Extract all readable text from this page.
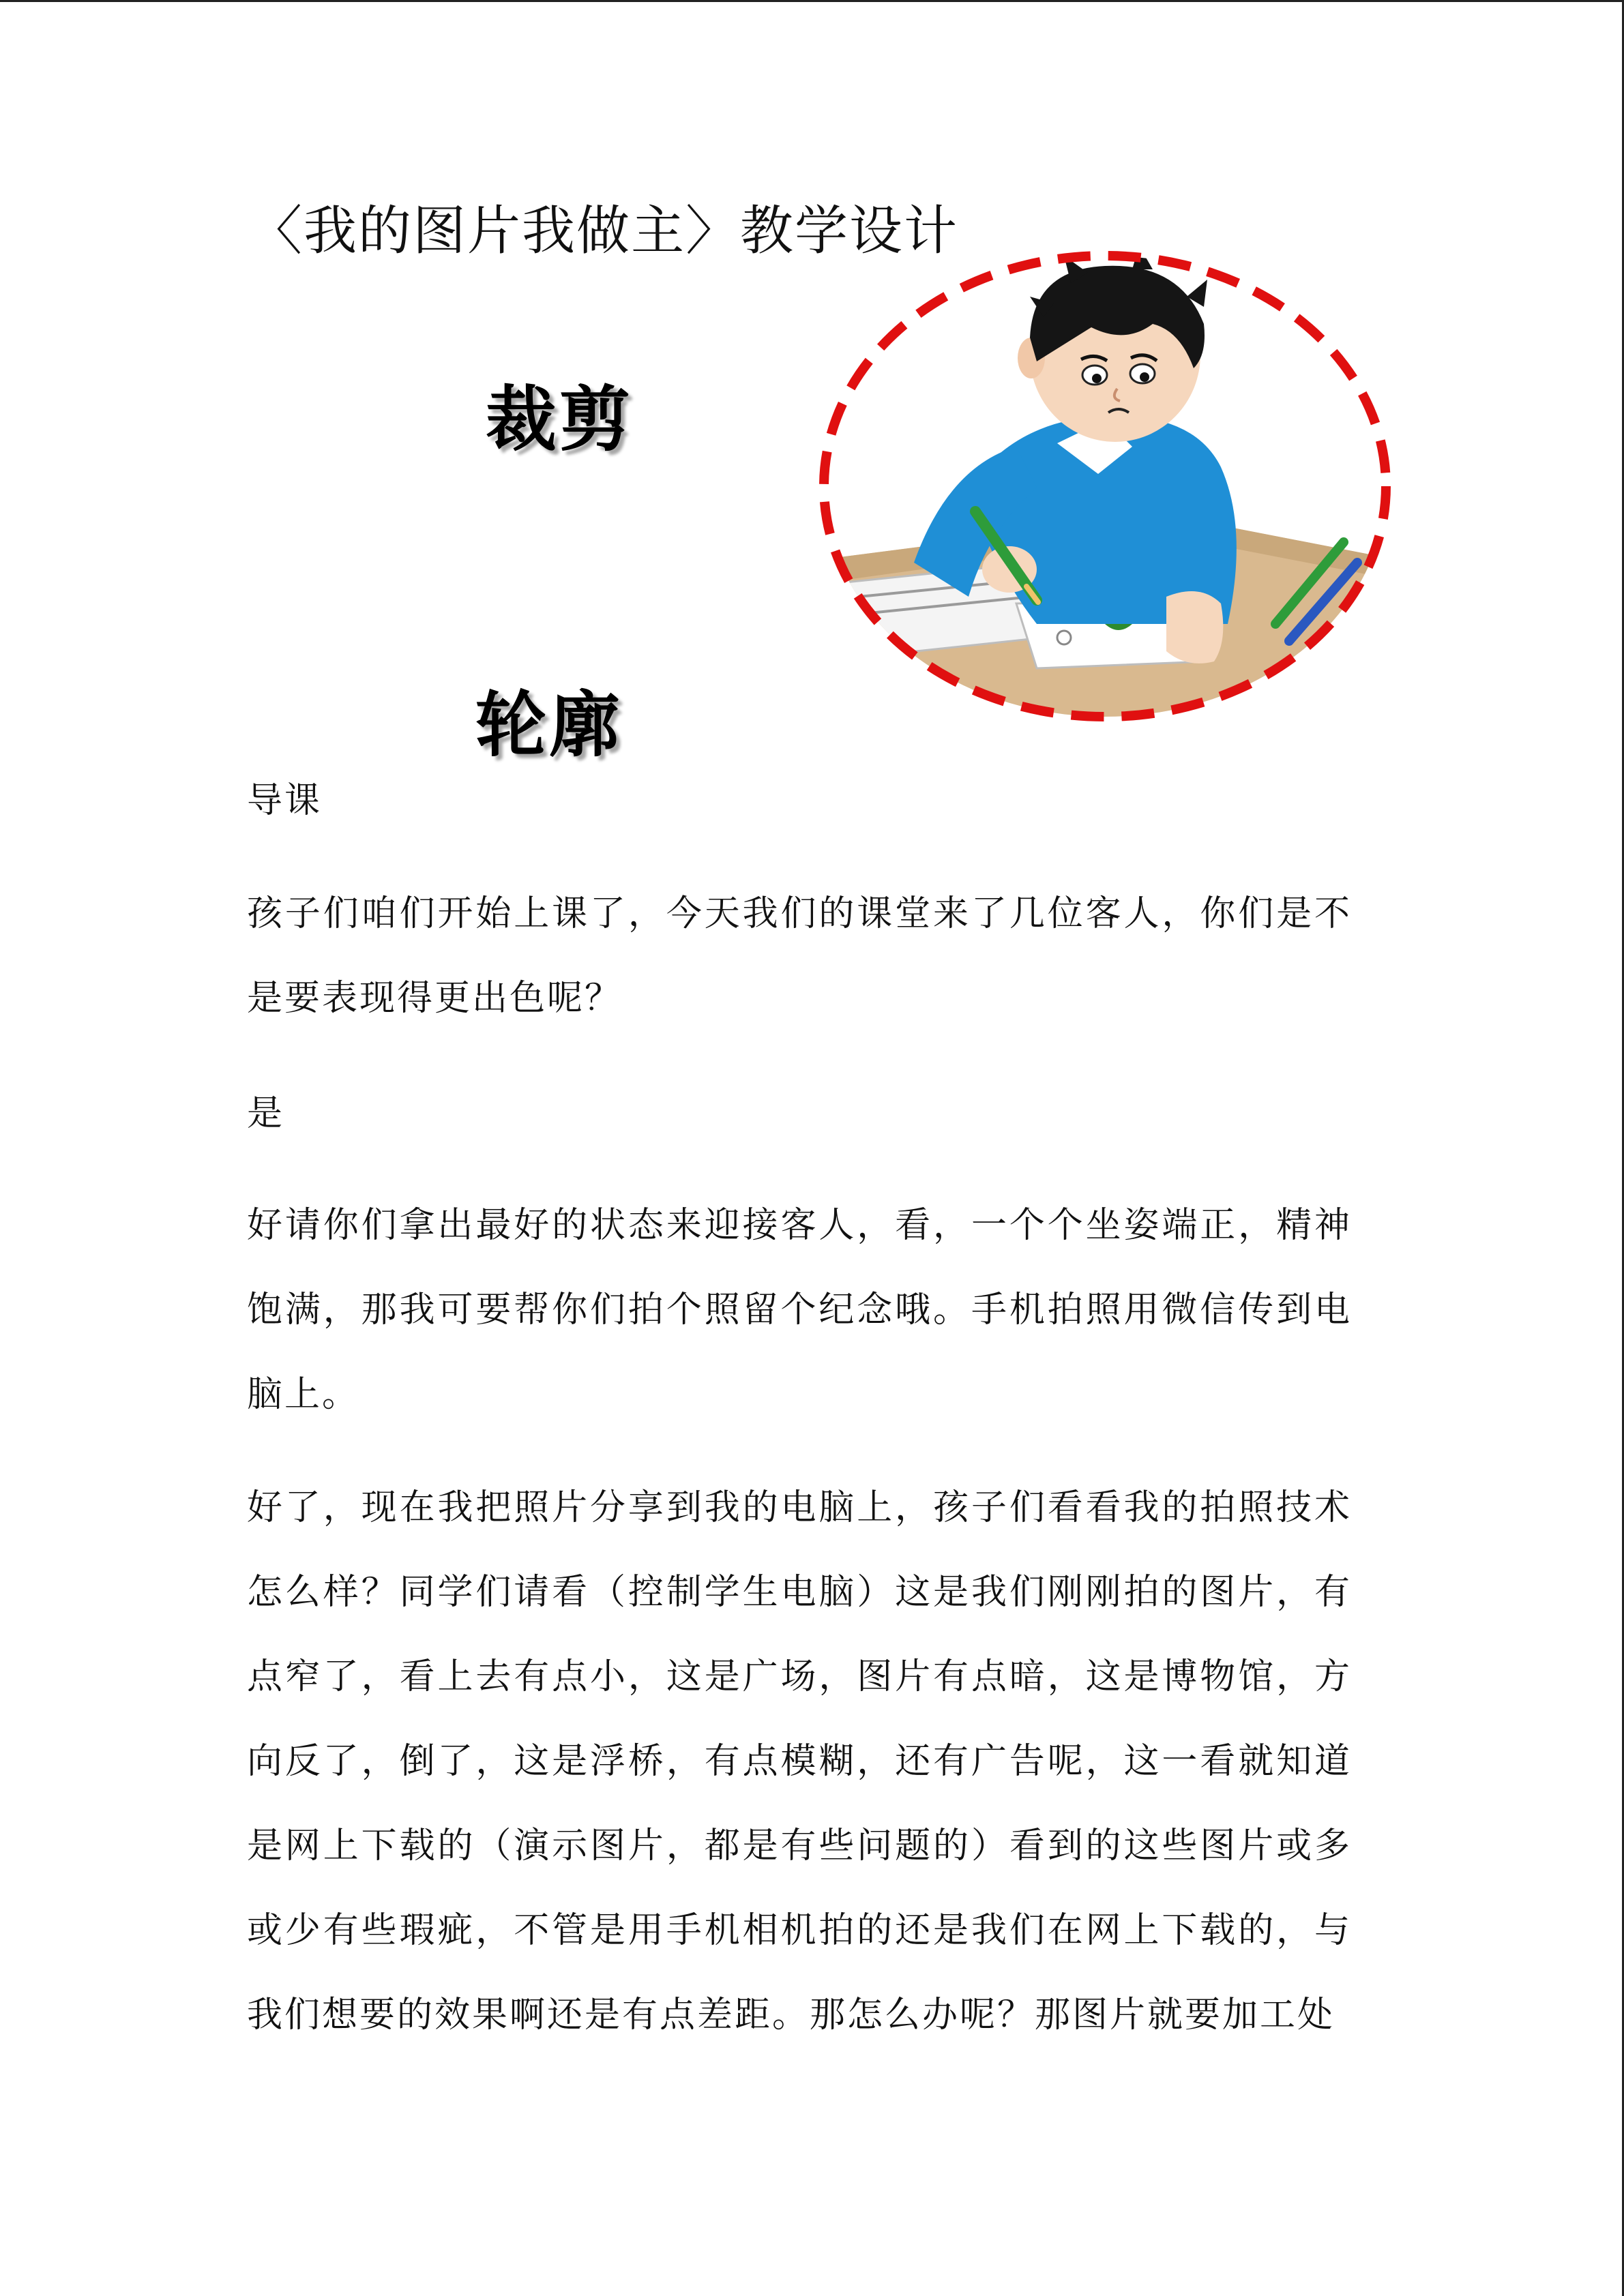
〈我的图片我做主〉教学设计
裁剪
轮廓
导课
孩子们咱们开始上课了，今天我们的课堂来了几位客人，你们是不是要表现得更出色呢？
是
好请你们拿出最好的状态来迎接客人，看，一个个坐姿端正，精神饱满，那我可要帮你们拍个照留个纪念哦。手机拍照用微信传到电脑上。
好了，现在我把照片分享到我的电脑上，孩子们看看我的拍照技术怎么样？同学们请看（控制学生电脑）这是我们刚刚拍的图片，有点窄了，看上去有点小，这是广场，图片有点暗，这是博物馆，方向反了，倒了，这是浮桥，有点模糊，还有广告呢，这一看就知道是网上下载的（演示图片，都是有些问题的）看到的这些图片或多或少有些瑕疵，不管是用手机相机拍的还是我们在网上下载的，与我们想要的效果啊还是有点差距。那怎么办呢？那图片就要加工处
